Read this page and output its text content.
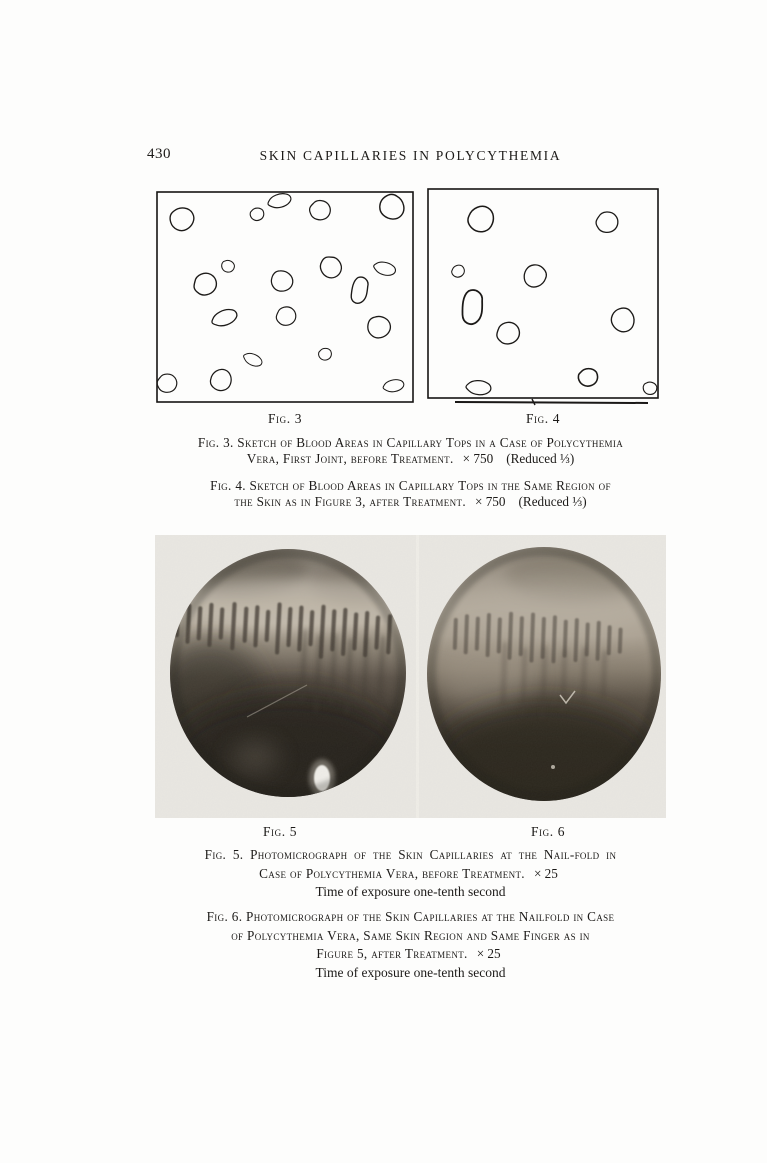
430	SKIN CAPILLARIES IN POLYCYTHEMIA
Fig. 3	Fig. 4
Fig. 3. Sketch of Blood Areas in Capillary Tops in a Case of Polycythemia
Vera, First Joint, before Treatment. × 750 (Reduced ⅓)
Fig. 4. Sketch of Blood Areas in Capillary Tops in the Same Region of
the Skin as in Figure 3, after Treatment. × 750 (Reduced ⅓)
Fig. 5	Fig. 6
Fig. 5. Photomicrograph of the Skin Capillaries at the Nail-fold in
Case of Polycythemia Vera, before Treatment. × 25
Time of exposure one-tenth second
Fig. 6. Photomicrograph of the Skin Capillaries at the Nailfold in Case
of Polycythemia Vera, Same Skin Region and Same Finger as in
Figure 5, after Treatment. × 25
Time of exposure one-tenth second
